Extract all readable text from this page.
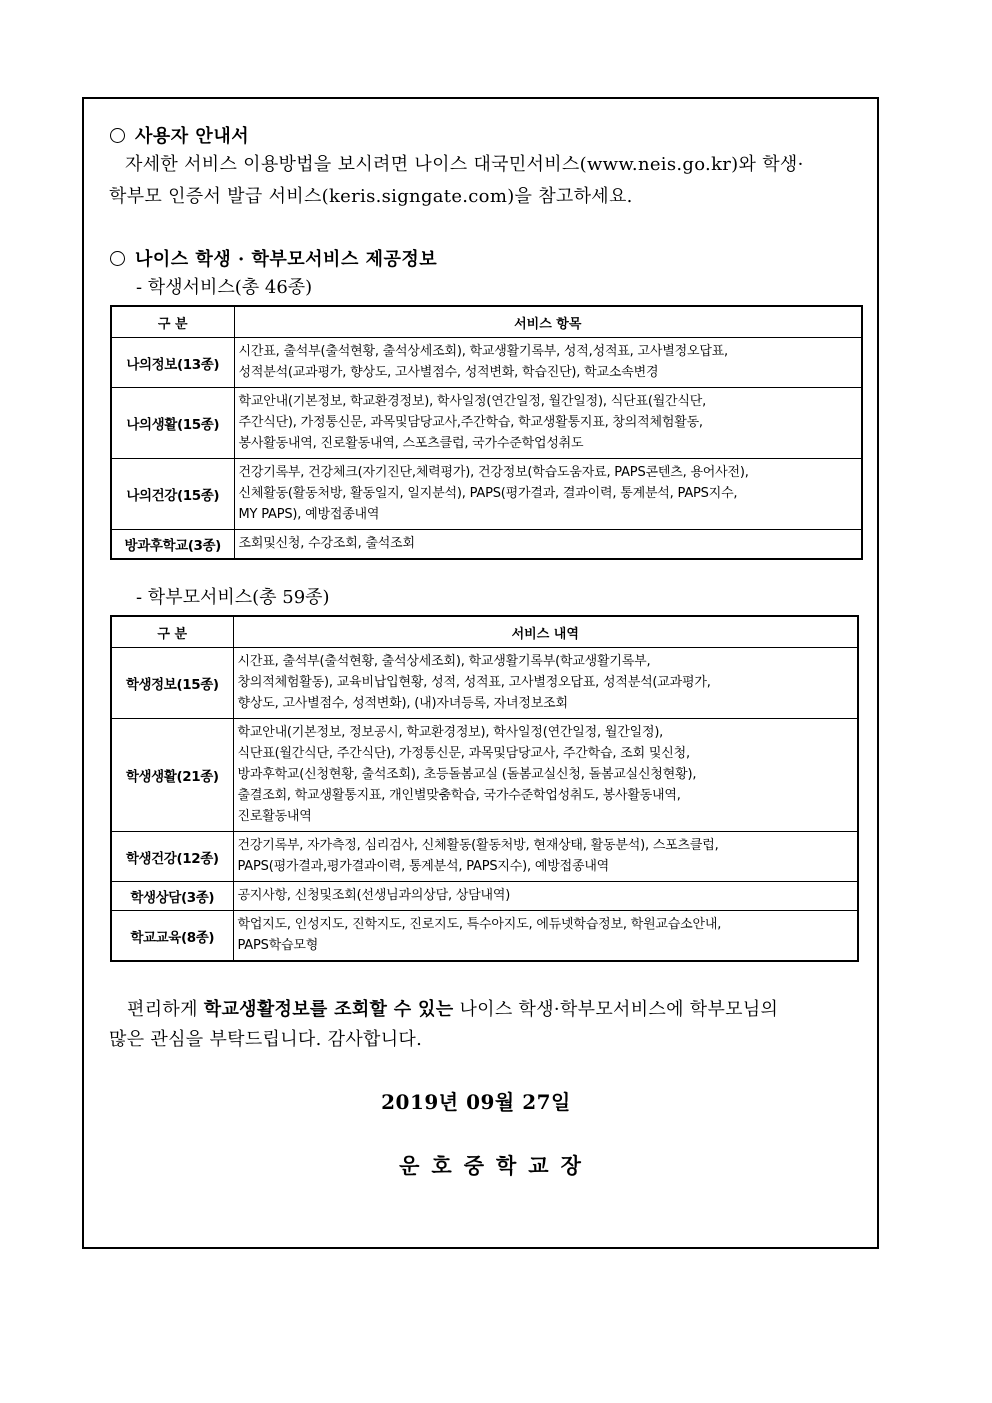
사용자 안내서
자세한 서비스 이용방법을 보시려면 나이스 대국민서비스(www.neis.go.kr)와 학생·
학부모 인증서 발급 서비스(keris.signgate.com)을 참고하세요.
나이스 학생 · 학부모서비스 제공정보
- 학생서비스(총 46종)
구 분	서비스 항목
나의정보(13종)	시간표, 출석부(출석현황, 출석상세조회), 학교생활기록부, 성적,성적표, 고사별정오답표,
성적분석(교과평가, 향상도, 고사별점수, 성적변화, 학습진단), 학교소속변경

나의생활(15종)	학교안내(기본정보, 학교환경정보), 학사일정(연간일정, 월간일정), 식단표(월간식단,
주간식단), 가정통신문, 과목및담당교사,주간학습, 학교생활통지표, 창의적체험활동,
봉사활동내역, 진로활동내역, 스포츠클럽, 국가수준학업성취도

나의건강(15종)	건강기록부, 건강체크(자기진단,체력평가), 건강정보(학습도움자료, PAPS콘텐츠, 용어사전),
신체활동(활동처방, 활동일지, 일지분석), PAPS(평가결과, 결과이력, 통계분석, PAPS지수,
MY PAPS), 예방접종내역

방과후학교(3종)	조회및신청, 수강조회, 출석조회
- 학부모서비스(총 59종)
구 분	서비스 내역
학생정보(15종)	시간표, 출석부(출석현황, 출석상세조회), 학교생활기록부(학교생활기록부,
창의적체험활동), 교육비납입현황, 성적, 성적표, 고사별정오답표, 성적분석(교과평가,
향상도, 고사별점수, 성적변화), (내)자녀등록, 자녀정보조회

학생생활(21종)	학교안내(기본정보, 정보공시, 학교환경정보), 학사일정(연간일정, 월간일정),
식단표(월간식단, 주간식단), 가정통신문, 과목및담당교사, 주간학습, 조회 및신청,
방과후학교(신청현황, 출석조회), 초등돌봄교실 (돌봄교실신청, 돌봄교실신청현황),
출결조회, 학교생활통지표, 개인별맞춤학습, 국가수준학업성취도, 봉사활동내역,
진로활동내역

학생건강(12종)	건강기록부, 자가측정, 심리검사, 신체활동(활동처방, 현재상태, 활동분석), 스포츠클럽,
PAPS(평가결과,평가결과이력, 통계분석, PAPS지수), 예방접종내역

학생상담(3종)	공지사항, 신청및조회(선생님과의상담, 상담내역)

학교교육(8종)	학업지도, 인성지도, 진학지도, 진로지도, 특수아지도, 에듀넷학습정보, 학원교습소안내,
PAPS학습모형
편리하게 학교생활정보를 조회할 수 있는 나이스 학생·학부모서비스에 학부모님의
많은 관심을 부탁드립니다. 감사합니다.
2019년 09월 27일
운호중학교장
